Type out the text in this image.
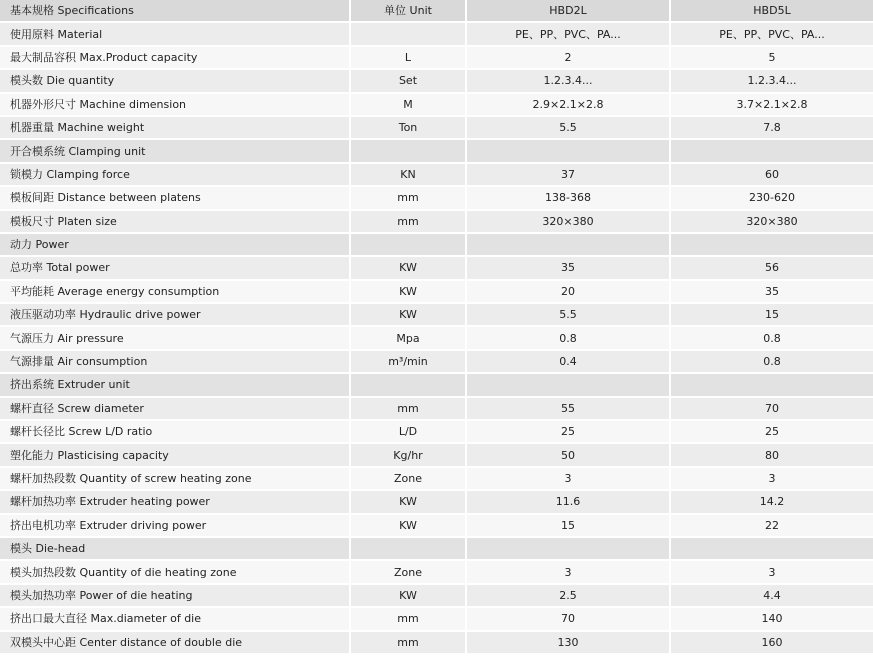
基本规格 Specifications	单位 Unit	HBD2L	HBD5L
使用原料 Material		PE、PP、PVC、PA...	PE、PP、PVC、PA...
最大制品容积 Max.Product capacity	L	2	5
模头数 Die quantity	Set	1.2.3.4...	1.2.3.4...
机器外形尺寸 Machine dimension	M	2.9×2.1×2.8	3.7×2.1×2.8
机器重量 Machine weight	Ton	5.5	7.8
开合模系统 Clamping unit			
锁模力 Clamping force	KN	37	60
模板间距 Distance between platens	mm	138-368	230-620
模板尺寸 Platen size	mm	320×380	320×380
动力 Power			
总功率 Total power	KW	35	56
平均能耗 Average energy consumption	KW	20	35
液压驱动功率 Hydraulic drive power	KW	5.5	15
气源压力 Air pressure	Mpa	0.8	0.8
气源排量 Air consumption	m³/min	0.4	0.8
挤出系统 Extruder unit			
螺杆直径 Screw diameter	mm	55	70
螺杆长径比 Screw L/D ratio	L/D	25	25
塑化能力 Plasticising capacity	Kg/hr	50	80
螺杆加热段数 Quantity of screw heating zone	Zone	3	3
螺杆加热功率 Extruder heating power	KW	11.6	14.2
挤出电机功率 Extruder driving power	KW	15	22
模头 Die-head			
模头加热段数 Quantity of die heating zone	Zone	3	3
模头加热功率 Power of die heating	KW	2.5	4.4
挤出口最大直径 Max.diameter of die	mm	70	140
双模头中心距 Center distance of double die	mm	130	160
